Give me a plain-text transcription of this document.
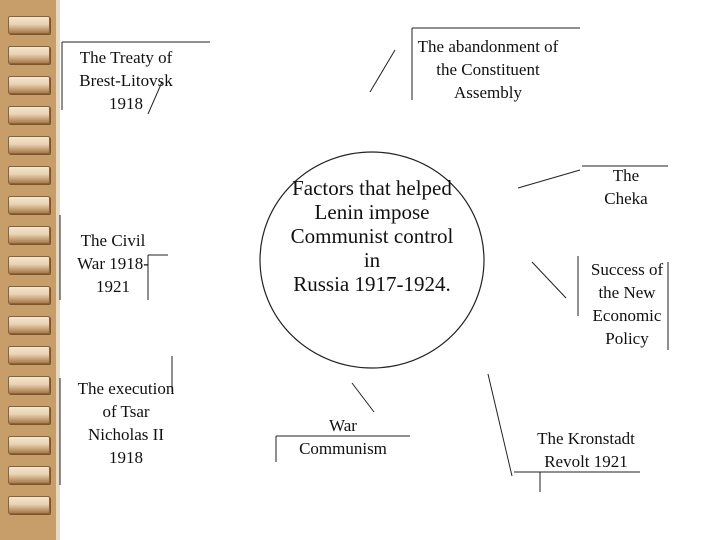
Factors that helped
Lenin impose
Communist control
in
Russia 1917-1924.
The Treaty of
Brest-Litovsk
1918
The abandonment of
the Constituent
Assembly
The Civil
War 1918-
1921
The
Cheka
Success of
the New
Economic
Policy
The execution
of Tsar
Nicholas II
1918
War
Communism
The Kronstadt
Revolt 1921
